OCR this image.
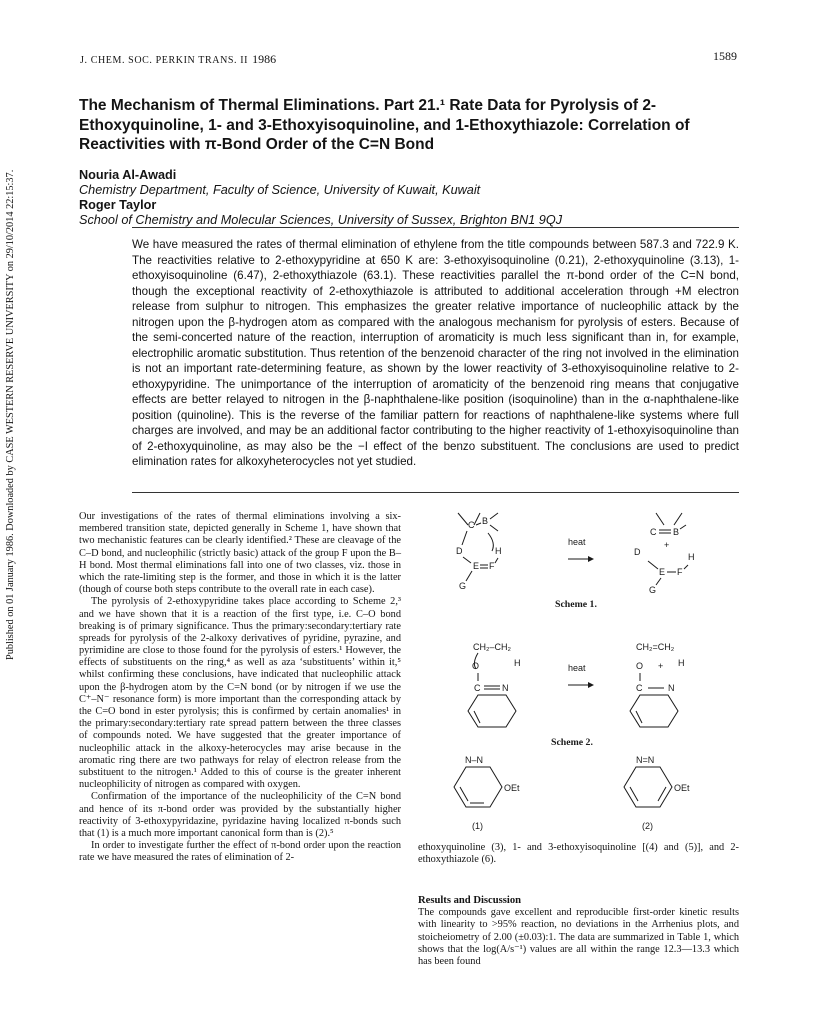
Published on 01 January 1986. Downloaded by CASE WESTERN RESERVE UNIVERSITY on 29/10/2014 22:15:37.
J. CHEM. SOC. PERKIN TRANS. II 1986	1589
The Mechanism of Thermal Eliminations. Part 21.¹ Rate Data for Pyrolysis of 2-Ethoxyquinoline, 1- and 3-Ethoxyisoquinoline, and 1-Ethoxythiazole: Correlation of Reactivities with π-Bond Order of the C=N Bond
Nouria Al-Awadi
Chemistry Department, Faculty of Science, University of Kuwait, Kuwait
Roger Taylor
School of Chemistry and Molecular Sciences, University of Sussex, Brighton BN1 9QJ
We have measured the rates of thermal elimination of ethylene from the title compounds between 587.3 and 722.9 K. The reactivities relative to 2-ethoxypyridine at 650 K are: 3-ethoxyisoquinoline (0.21), 2-ethoxyquinoline (3.13), 1-ethoxyisoquinoline (6.47), 2-ethoxythiazole (63.1). These reactivities parallel the π-bond order of the C=N bond, though the exceptional reactivity of 2-ethoxythiazole is attributed to additional acceleration through +M electron release from sulphur to nitrogen. This emphasizes the greater relative importance of nucleophilic attack by the nitrogen upon the β-hydrogen atom as compared with the analogous mechanism for pyrolysis of esters. Because of the semi-concerted nature of the reaction, interruption of aromaticity is much less significant than in, for example, electrophilic aromatic substitution. Thus retention of the benzenoid character of the ring not involved in the elimination is not an important rate-determining feature, as shown by the lower reactivity of 3-ethoxyisoquinoline relative to 2-ethoxypyridine. The unimportance of the interruption of aromaticity of the benzenoid ring means that conjugative effects are better relayed to nitrogen in the β-naphthalene-like position (isoquinoline) than in the α-naphthalene-like position (quinoline). This is the reverse of the familiar pattern for reactions of naphthalene-like systems where full charges are involved, and may be an additional factor contributing to the higher reactivity of 1-ethoxyisoquinoline than of 2-ethoxyquinoline, as may also be the −I effect of the benzo substituent. The conclusions are used to predict elimination rates for alkoxyheterocycles not yet studied.

Our investigations of the rates of thermal eliminations involving a six-membered transition state, depicted generally in Scheme 1, have shown that two mechanistic features can be clearly identified.² These are cleavage of the C–D bond, and nucleophilic (strictly basic) attack of the group F upon the B–H bond. Most thermal eliminations fall into one of two classes, viz. those in which the rate-limiting step is the former, and those in which it is the latter (though of course both steps contribute to the overall rate in each case).

The pyrolysis of 2-ethoxypyridine takes place according to Scheme 2,³ and we have shown that it is a reaction of the first type, i.e. C–O bond breaking is of primary significance. Thus the primary:secondary:tertiary rate spreads for pyrolysis of the 2-alkoxy derivatives of pyridine, pyrazine, and pyrimidine are close to those found for the pyrolysis of esters.¹ However, the effects of substituents on the ring,⁴ as well as aza ‘substituents’ within it,⁵ whilst confirming these conclusions, have indicated that nucleophilic attack upon the β-hydrogen atom by the C=N bond (or by nitrogen if we use the C⁺–N⁻ resonance form) is more important than the corresponding attack by the C=O bond in ester pyrolysis; this is confirmed by certain anomalies¹ in the primary:secondary:tertiary rate spread pattern between the three classes of compounds noted. We have suggested that the greater importance of nucleophilic attack in the alkoxy-heterocycles may arise because in the aromatic ring there are two pathways for relay of electron release from the substituent to the nitrogen.¹ Added to this of course is the greater inherent nucleophilicity of nitrogen as compared with oxygen.

Confirmation of the importance of the nucleophilicity of the C=N bond and hence of its π-bond order was provided by the substantially higher reactivity of 3-ethoxypyridazine, pyridazine having localized π-bonds such that (1) is a much more important canonical form than is (2).⁵

In order to investigate further the effect of π-bond order upon the reaction rate we have measured the rates of elimination of 2-

C B
D	H
E F
G
heat
C B
D
+
H
E F
G
Scheme 1.
CH₂–CH₂
O	H
C N
heat
CH₂=CH₂
O + H
C	N
Scheme 2.
N–N
OEt
(1)
N=N
OEt
(2)

ethoxyquinoline (3), 1- and 3-ethoxyisoquinoline [(4) and (5)], and 2-ethoxythiazole (6).

Results and Discussion

The compounds gave excellent and reproducible first-order kinetic results with linearity to >95% reaction, no deviations in the Arrhenius plots, and stoicheiometry of 2.00 (±0.03):1. The data are summarized in Table 1, which shows that the log(A/s⁻¹) values are all within the range 12.3—13.3 which has been found
